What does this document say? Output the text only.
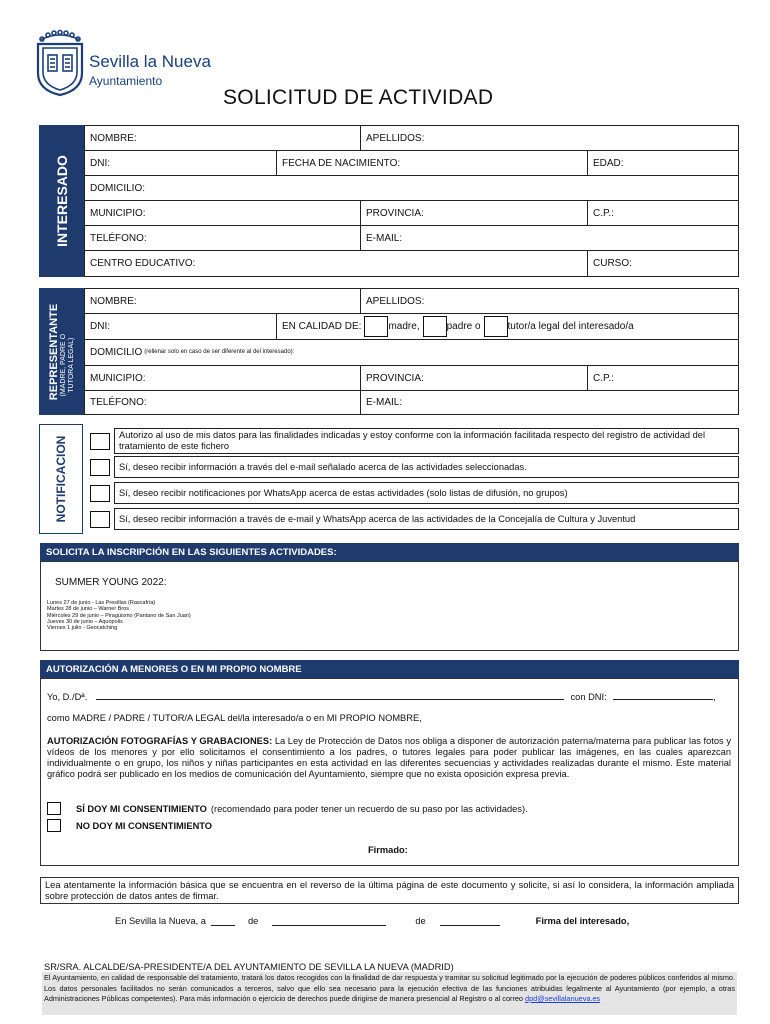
Sevilla la Nueva
Ayuntamiento
SOLICITUD DE ACTIVIDAD
INTERESADO
NOMBRE:	APELLIDOS:
DNI:	FECHA DE NACIMIENTO:	EDAD:
DOMICILIO:
MUNICIPIO:	PROVINCIA:	C.P.:
TELÉFONO:	E-MAIL:
CENTRO EDUCATIVO:	CURSO:
REPRESENTANTE (MADRE, PADRE O TUTORA LEGAL)
NOMBRE:	APELLIDOS:
DNI:	EN CALIDAD DE:	madre,	padre o	tutor/a legal del interesado/a
DOMICILIO (rellenar solo en caso de ser diferente al del interesado):
MUNICIPIO:	PROVINCIA:	C.P.:
TELÉFONO:	E-MAIL:
NOTIFICACION
Autorizo al uso de mis datos para las finalidades indicadas y estoy conforme con la información facilitada respecto del registro de actividad del tratamiento de este fichero
Sí, deseo recibir información a través del e-mail señalado acerca de las actividades seleccionadas.
Sí, deseo recibir notificaciones por WhatsApp acerca de estas actividades (solo listas de difusión, no grupos)
Sí, deseo recibir información a través de e-mail y WhatsApp acerca de las actividades de la Concejalía de Cultura y Juventud
SOLICITA LA INSCRIPCIÓN EN LAS SIGUIENTES ACTIVIDADES:
SUMMER YOUNG 2022:
Lunes 27 de junio - Las Presillas (Rascafría)
Martes 28 de junio – Warner Bros
Miércoles 29 de junio – Piragüismo (Pantano de San Juan)
Jueves 30 de junio – Aquopolis
Viernes 1 julio - Geocatching
AUTORIZACIÓN A MENORES O EN MI PROPIO NOMBRE
Yo, D./Dª.	con DNI:	,
como MADRE / PADRE / TUTOR/A LEGAL del/la interesado/a o en MI PROPIO NOMBRE,
AUTORIZACIÓN FOTOGRAFÍAS Y GRABACIONES: La Ley de Protección de Datos nos obliga a disponer de autorización paterna/materna para publicar las fotos y vídeos de los menores y por ello solicitamos el consentimiento a los padres, o tutores legales para poder publicar las imágenes, en las cuales aparezcan individualmente o en grupo, los niños y niñas participantes en esta actividad en las diferentes secuencias y actividades realizadas durante el mismo. Este material gráfico podrá ser publicado en los medios de comunicación del Ayuntamiento, siempre que no exista oposición expresa previa.
SÍ DOY MI CONSENTIMIENTO (recomendado para poder tener un recuerdo de su paso por las actividades).
NO DOY MI CONSENTIMIENTO
Firmado:
Lea atentamente la información básica que se encuentra en el reverso de la última página de este documento y solicite, si así lo considera, la información ampliada sobre protección de datos antes de firmar.
En Sevilla la Nueva, a	de	de	Firma del interesado,
SR/SRA. ALCALDE/SA-PRESIDENTE/A DEL AYUNTAMIENTO DE SEVILLA LA NUEVA (MADRID)
El Ayuntamiento, en calidad de responsable del tratamiento, tratará los datos recogidos con la finalidad de dar respuesta y tramitar su solicitud legitimado por la ejecución de poderes públicos conferidos al mismo. Los datos personales facilitados no serán comunicados a terceros, salvo que ello sea necesario para la ejecución efectiva de las funciones atribuidas legalmente al Ayuntamiento (por ejemplo, a otras Administraciones Públicas competentes). Para más información o ejercicio de derechos puede dirigirse de manera presencial al Registro o al correo dpd@sevillalanueva.es
